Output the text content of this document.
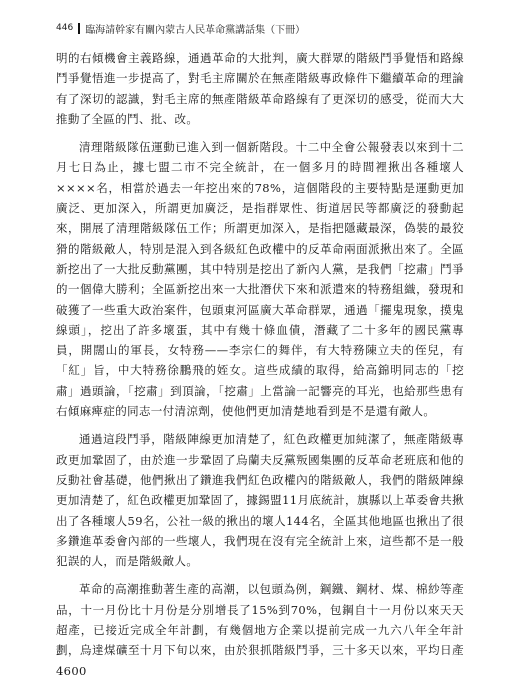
446 臨海請幹家有關內蒙古人民革命黨講話集（下冊）

明的右傾機會主義路線，通過革命的大批判，廣大群眾的階級鬥爭覺悟和路線鬥爭覺悟進一步提高了，對毛主席關於在無產階級專政條件下繼續革命的理論有了深切的認識，對毛主席的無產階級革命路線有了更深切的感受，從而大大推動了全區的鬥、批、改。

清理階級隊伍運動已進入到一個新階段。十二中全會公報發表以來到十二月七日為止，據七盟二市不完全統計，在一個多月的時間裡揪出各種壞人××××名，相當於過去一年挖出來的78%，這個階段的主要特點是運動更加廣泛、更加深入，所謂更加廣泛，是指群眾性、街道居民等都廣泛的發動起來，開展了清理階級隊伍工作；所謂更加深入，是指把隱藏最深，偽裝的最狡猾的階級敵人，特別是混入到各級紅色政權中的反革命兩面派揪出來了。全區新挖出了一大批反動黨團，其中特別是挖出了新內人黨，是我們「挖肅」鬥爭的一個偉大勝利；全區新挖出來一大批潛伏下來和派遣來的特務組織，發現和破獲了一些重大政治案件，包頭東河區廣大革命群眾，通過「擺鬼現象，摸鬼線頭」，挖出了許多壞蛋，其中有幾十條血債，潛藏了二十多年的國民黨專員，開闊山的軍長，女特務——李宗仁的舞伴，有大特務陳立夫的侄兒，有「紅」旨，中大特務徐鵬飛的姪女。這些成績的取得，給高錦明同志的「挖肅」過頭論，「挖肅」到頂論，「挖肅」上當論一記響亮的耳光，也給那些患有右傾麻痺症的同志一付清涼劑，使他們更加清楚地看到是不是還有敵人。

通過這段鬥爭，階級陣線更加清楚了，紅色政權更加純潔了，無產階級專政更加鞏固了，由於進一步鞏固了烏蘭夫反黨叛國集團的反革命老班底和他的反動社會基礎，他們揪出了鑽進我們紅色政權內的階級敵人，我們的階級陣線更加清楚了，紅色政權更加鞏固了，據錫盟11月底統計，旗縣以上革委會共揪出了各種壞人59名，公社一級的揪出的壞人144名，全區其他地區也揪出了很多鑽進革委會內部的一些壞人，我們現在沒有完全統計上來，這些都不是一般犯誤的人，而是階級敵人。

革命的高潮推動著生產的高潮，以包頭為例，鋼鐵、鋼材、煤、棉紗等產品，十一月份比十月份是分別增長了15%到70%，包鋼自十一月份以來天天超產，已接近完成全年計劃，有幾個地方企業以提前完成一九六八年全年計劃，烏達煤礦至十月下旬以來，由於狠抓階級鬥爭，三十多天以來，平均日產4600
